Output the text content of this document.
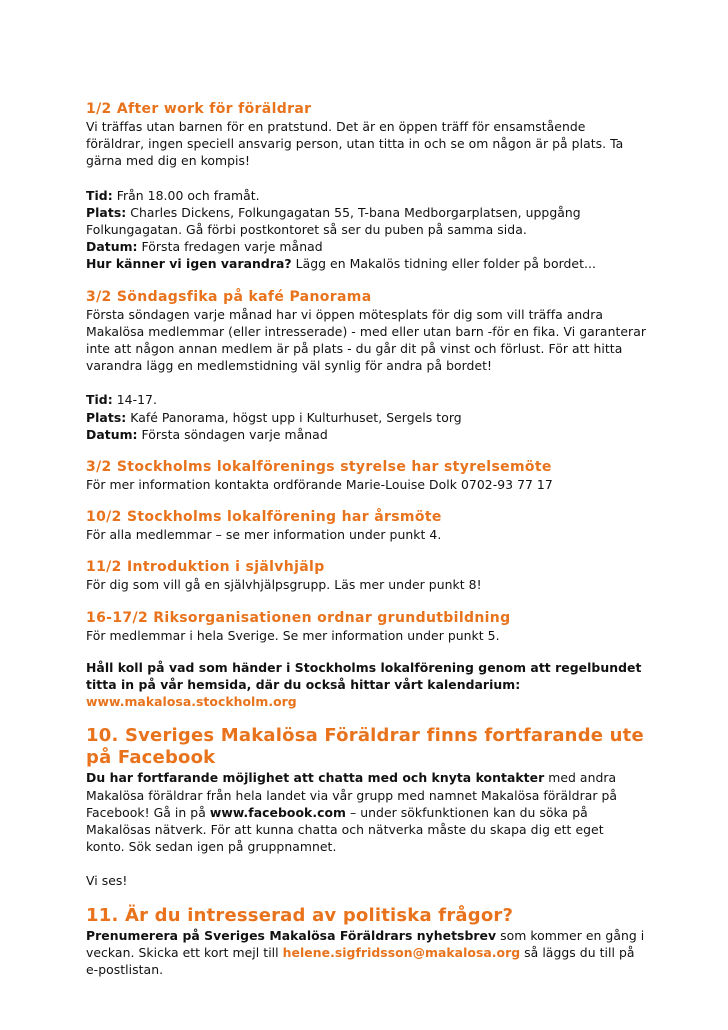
1/2 After work för föräldrar

Vi träffas utan barnen för en pratstund. Det är en öppen träff för ensamstående föräldrar, ingen speciell ansvarig person, utan titta in och se om någon är på plats. Ta gärna med dig en kompis!

Tid: Från 18.00 och framåt.

Plats: Charles Dickens, Folkungagatan 55, T-bana Medborgarplatsen, uppgång Folkungagatan. Gå förbi postkontoret så ser du puben på samma sida.

Datum: Första fredagen varje månad

Hur känner vi igen varandra? Lägg en Makalös tidning eller folder på bordet...

3/2 Söndagsfika på kafé Panorama

Första söndagen varje månad har vi öppen mötesplats för dig som vill träffa andra Makalösa medlemmar (eller intresserade) - med eller utan barn -för en fika. Vi garanterar inte att någon annan medlem är på plats - du går dit på vinst och förlust. För att hitta varandra lägg en medlemstidning väl synlig för andra på bordet!

Tid: 14-17.

Plats: Kafé Panorama, högst upp i Kulturhuset, Sergels torg

Datum: Första söndagen varje månad

3/2 Stockholms lokalförenings styrelse har styrelsemöte

För mer information kontakta ordförande Marie-Louise Dolk 0702-93 77 17

10/2 Stockholms lokalförening har årsmöte

För alla medlemmar – se mer information under punkt 4.

11/2 Introduktion i självhjälp

För dig som vill gå en självhjälpsgrupp. Läs mer under punkt 8!

16-17/2 Riksorganisationen ordnar grundutbildning

För medlemmar i hela Sverige. Se mer information under punkt 5.

Håll koll på vad som händer i Stockholms lokalförening genom att regelbundet titta in på vår hemsida, där du också hittar vårt kalendarium:
www.makalosa.stockholm.org

10. Sveriges Makalösa Föräldrar finns fortfarande ute på Facebook

Du har fortfarande möjlighet att chatta med och knyta kontakter med andra Makalösa föräldrar från hela landet via vår grupp med namnet Makalösa föräldrar på Facebook! Gå in på www.facebook.com – under sökfunktionen kan du söka på Makalösas nätverk. För att kunna chatta och nätverka måste du skapa dig ett eget konto. Sök sedan igen på gruppnamnet.

Vi ses!

11. Är du intresserad av politiska frågor?

Prenumerera på Sveriges Makalösa Föräldrars nyhetsbrev som kommer en gång i veckan. Skicka ett kort mejl till helene.sigfridsson@makalosa.org så läggs du till på e-postlistan.
